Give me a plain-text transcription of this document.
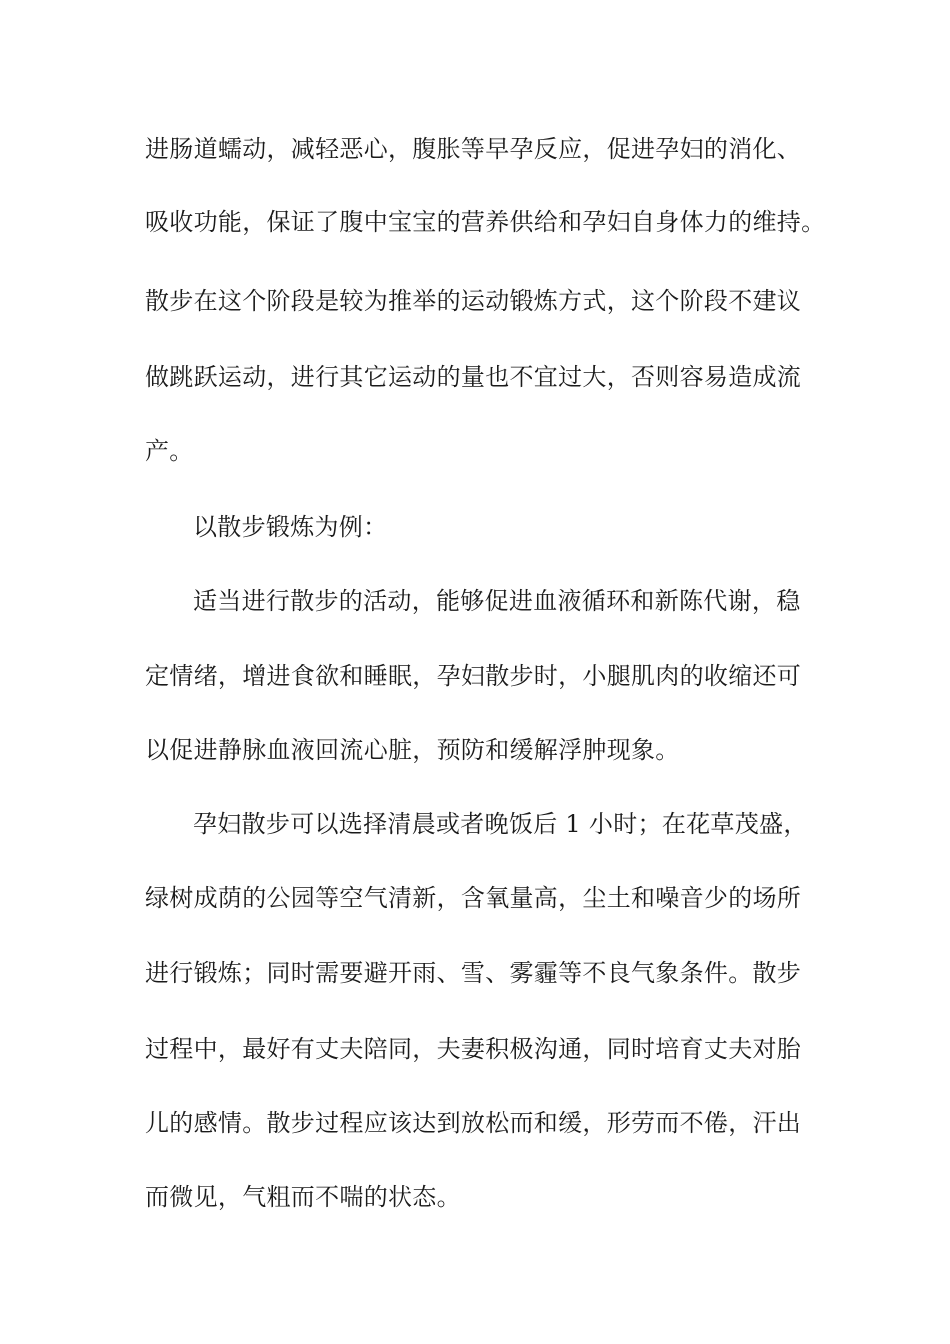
进肠道蠕动，减轻恶心，腹胀等早孕反应，促进孕妇的消化、

吸收功能，保证了腹中宝宝的营养供给和孕妇自身体力的维持。

散步在这个阶段是较为推举的运动锻炼方式，这个阶段不建议

做跳跃运动，进行其它运动的量也不宜过大，否则容易造成流

产。

以散步锻炼为例：

适当进行散步的活动，能够促进血液循环和新陈代谢，稳

定情绪，增进食欲和睡眠，孕妇散步时，小腿肌肉的收缩还可

以促进静脉血液回流心脏，预防和缓解浮肿现象。

孕妇散步可以选择清晨或者晚饭后 1 小时；在花草茂盛，

绿树成荫的公园等空气清新，含氧量高，尘土和噪音少的场所

进行锻炼；同时需要避开雨、雪、雾霾等不良气象条件。散步

过程中，最好有丈夫陪同，夫妻积极沟通，同时培育丈夫对胎

儿的感情。散步过程应该达到放松而和缓，形劳而不倦，汗出

而微见，气粗而不喘的状态。
